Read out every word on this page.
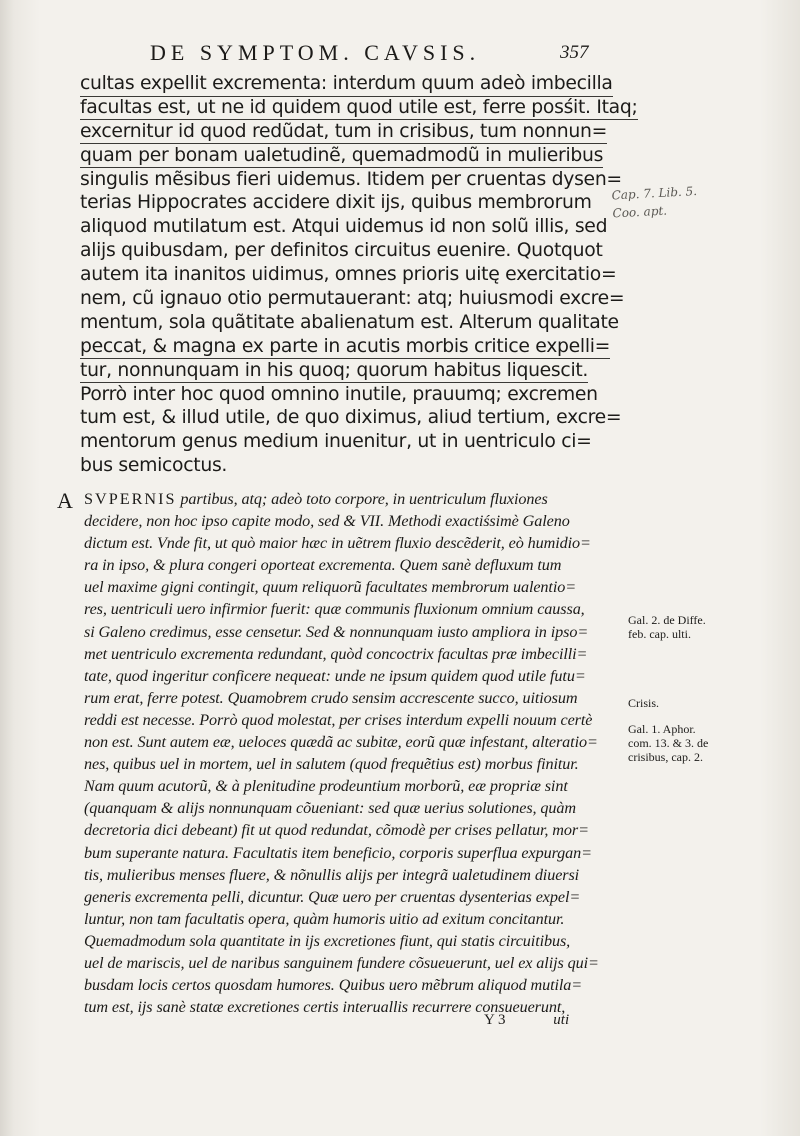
DE SYMPTOM. CAVSIS.	357
cultas expellit excrementa: interdum quum adeò imbecilla
facultas est, ut ne id quidem quod utile est, ferre posśit. Itaq;
excernitur id quod redũdat, tum in crisibus, tum nonnun=
quam per bonam ualetudinẽ, quemadmodũ in mulieribus
singulis mẽsibus fieri uidemus. Itidem per cruentas dysen=
terias Hippocrates accidere dixit ijs, quibus membrorum
aliquod mutilatum est. Atqui uidemus id non solũ illis, sed
alijs quibusdam, per definitos circuitus euenire. Quotquot
autem ita inanitos uidimus, omnes prioris uitę exercitatio=
nem, cũ ignauo otio permutauerant: atq; huiusmodi excre=
mentum, sola quãtitate abalienatum est. Alterum qualitate
peccat, & magna ex parte in acutis morbis critice expelli=
tur, nonnunquam in his quoq; quorum habitus liquescit.
Porrò inter hoc quod omnino inutile, prauumq; excremen
tum est, & illud utile, de quo diximus, aliud tertium, excre=
mentorum genus medium inuenitur, ut in uentriculo ci=
bus semicoctus.
Cap. 7. Lib. 5.
Coo. apt.
A SVPERNIS partibus, atq; adeò toto corpore, in uentriculum fluxiones
decidere, non hoc ipso capite modo, sed & VII. Methodi exactiśsimè Galeno
dictum est. Vnde fit, ut quò maior hæc in uẽtrem fluxio descẽderit, eò humidio=
ra in ipso, & plura congeri oporteat excrementa. Quem sanè defluxum tum
uel maxime gigni contingit, quum reliquorũ facultates membrorum ualentio=
res, uentriculi uero infirmior fuerit: quæ communis fluxionum omnium caussa,
si Galeno credimus, esse censetur. Sed & nonnunquam iusto ampliora in ipso=
met uentriculo excrementa redundant, quòd concoctrix facultas præ imbecilli=
tate, quod ingeritur conficere nequeat: unde ne ipsum quidem quod utile futu=
rum erat, ferre potest. Quamobrem crudo sensim accrescente succo, uitiosum
reddi est necesse. Porrò quod molestat, per crises interdum expelli nouum certè
non est. Sunt autem eæ, ueloces quædã ac subitæ, eorũ quæ infestant, alteratio=
nes, quibus uel in mortem, uel in salutem (quod frequẽtius est) morbus finitur.
Nam quum acutorũ, & à plenitudine prodeuntium morborũ, eæ propriæ sint
(quanquam & alijs nonnunquam cõueniant: sed quæ uerius solutiones, quàm
decretoria dici debeant) fit ut quod redundat, cõmodè per crises pellatur, mor=
bum superante natura. Facultatis item beneficio, corporis superflua expurgan=
tis, mulieribus menses fluere, & nõnullis alijs per integrã ualetudinem diuersi
generis excrementa pelli, dicuntur. Quæ uero per cruentas dysenterias expel=
luntur, non tam facultatis opera, quàm humoris uitio ad exitum concitantur.
Quemadmodum sola quantitate in ijs excretiones fiunt, qui statis circuitibus,
uel de mariscis, uel de naribus sanguinem fundere cõsueuerunt, uel ex alijs qui=
busdam locis certos quosdam humores. Quibus uero mẽbrum aliquod mutila=
tum est, ijs sanè statæ excretiones certis interuallis recurrere consueuerunt,
Gal. 2. de Diffe.
feb. cap. ulti.
Crisis.
Gal. 1. Aphor.
com. 13. & 3. de
crisibus, cap. 2.
Y 3	uti
